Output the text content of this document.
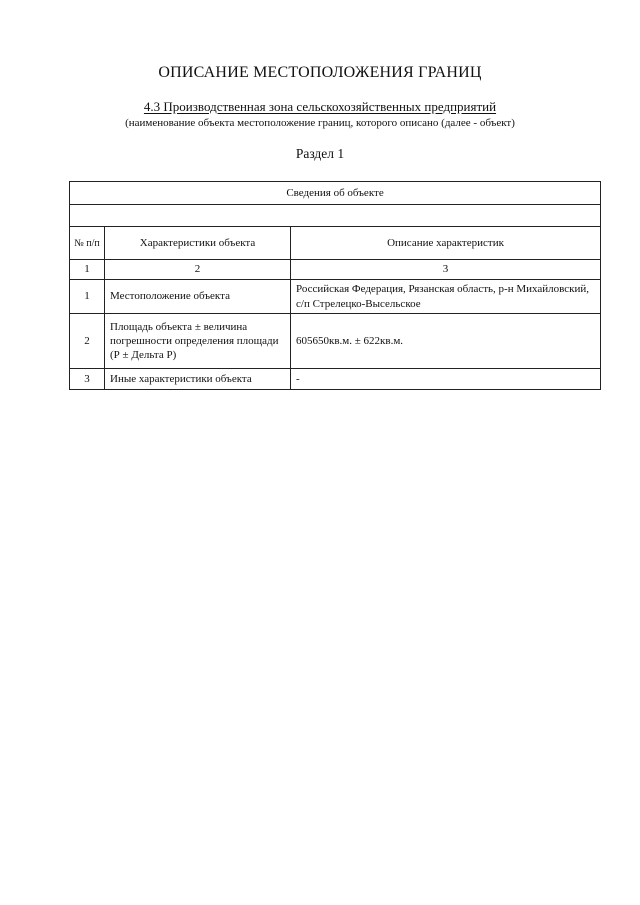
ОПИСАНИЕ МЕСТОПОЛОЖЕНИЯ ГРАНИЦ
4.3 Производственная зона сельскохозяйственных предприятий
(наименование объекта местоположение границ, которого описано (далее - объект)
Раздел 1
Сведения об объекте		

№ п/п	Характеристики объекта	Описание характеристик
1	2	3
1	Местоположение объекта	Российская Федерация, Рязанская область, р-н Михайловский, с/п Стрелецко-Высельское
2	Площадь объекта ± величина погрешности определения площади (Р ± Дельта Р)	605650кв.м. ± 622кв.м.
3	Иные характеристики объекта	-
